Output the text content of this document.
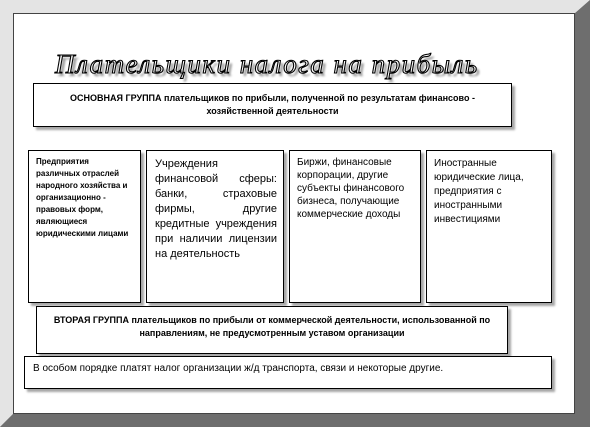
Плательщики налога на прибыль
ОСНОВНАЯ ГРУППА плательщиков по прибыли, полученной по результатам финансово - хозяйственной деятельности
Предприятия различных отраслей народного хозяйства и организационно - правовых форм, являющиеся юридическими лицами
Учреждения финансовой сферы: банки, страховые фирмы, другие кредитные учреждения при наличии лицензии на деятельность
Биржи, финансовые корпорации, другие субъекты финансового бизнеса, получающие коммерческие доходы
Иностранные юридические лица, предприятия с иностранными инвестициями
ВТОРАЯ ГРУППА плательщиков по прибыли от коммерческой деятельности, использованной по направлениям, не предусмотренным уставом организации
В особом порядке платят налог организации ж/д транспорта, связи и некоторые другие.
